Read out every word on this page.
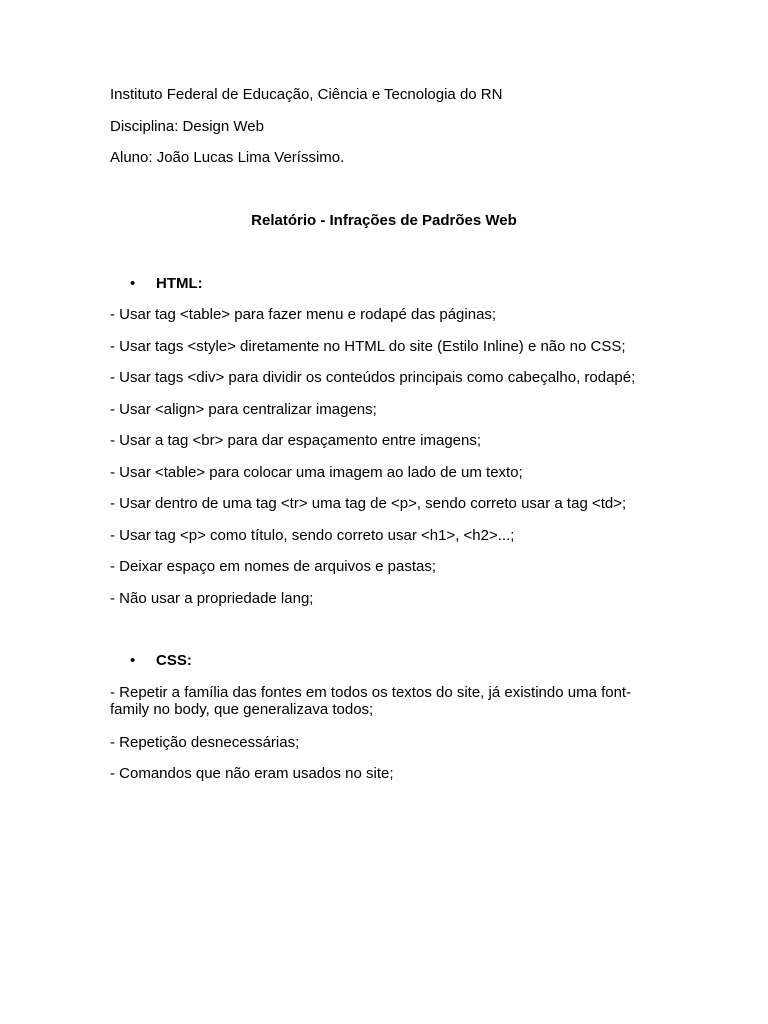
Instituto Federal de Educação, Ciência e Tecnologia do RN
Disciplina: Design Web
Aluno: João Lucas Lima Veríssimo.
Relatório - Infrações de Padrões Web
• HTML:
- Usar tag <table> para fazer menu e rodapé das páginas;
- Usar tags <style> diretamente no HTML do site (Estilo Inline) e não no CSS;
- Usar tags <div> para dividir os conteúdos principais como cabeçalho, rodapé;
- Usar <align> para centralizar imagens;
- Usar a tag <br> para dar espaçamento entre imagens;
- Usar <table> para colocar uma imagem ao lado de um texto;
- Usar dentro de uma tag <tr> uma tag de <p>, sendo correto usar a tag <td>;
- Usar tag <p> como título, sendo correto usar <h1>, <h2>...;
- Deixar espaço em nomes de arquivos e pastas;
- Não usar a propriedade lang;
• CSS:
- Repetir a família das fontes em todos os textos do site, já existindo uma font-family no body, que generalizava todos;
- Repetição desnecessárias;
- Comandos que não eram usados no site;
